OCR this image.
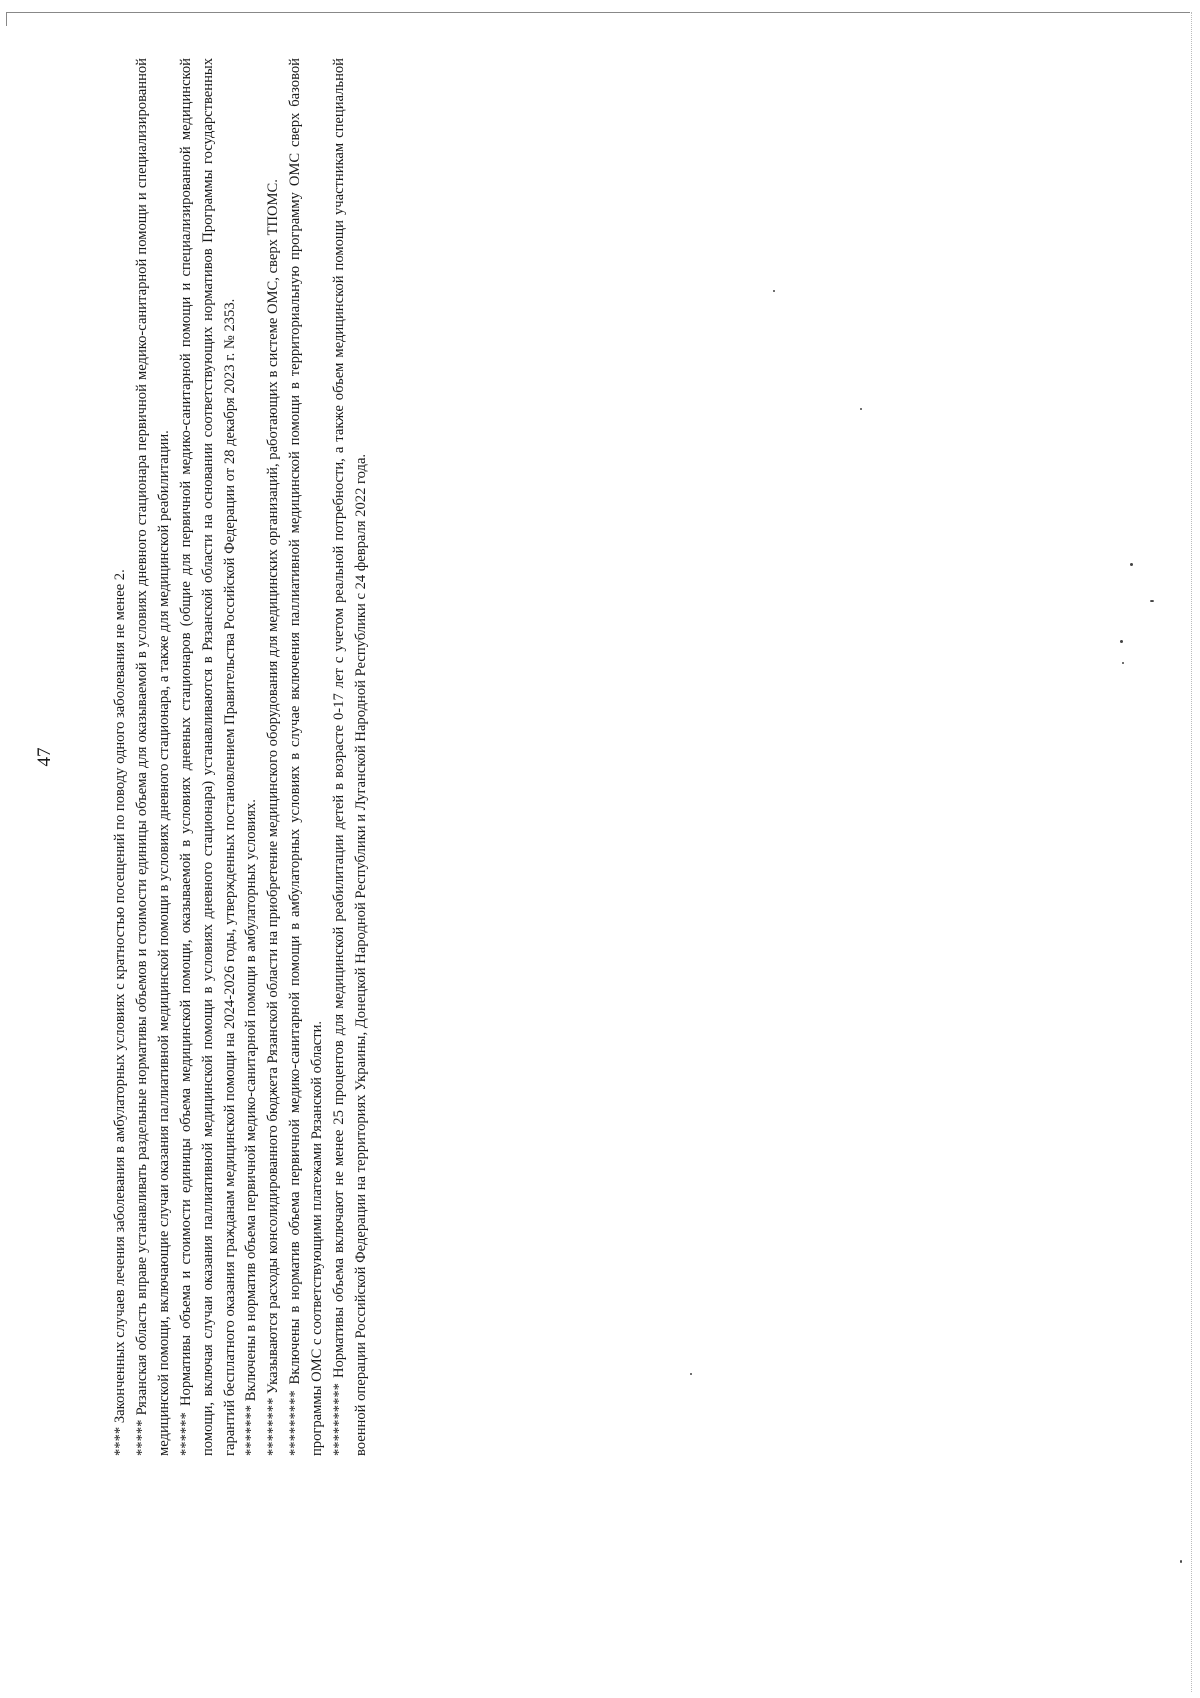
47	**** Законченных случаев лечения заболевания в амбулаторных условиях с кратностью посещений по поводу одного заболевания не менее 2. ***** Рязанская область вправе устанавливать раздельные нормативы объемов и стоимости единицы объема для оказываемой в условиях дневного стационара первичной медико-санитарной помощи и специализированной медицинской помощи, включающие случаи оказания паллиативной медицинской помощи в условиях дневного стационара, а также для медицинской реабилитации. ****** Нормативы объема и стоимости единицы объема медицинской помощи, оказываемой в условиях дневных стационаров (общие для первичной медико-санитарной помощи и специализированной медицинской помощи, включая случаи оказания паллиативной медицинской помощи в условиях дневного стационара) устанавливаются в Рязанской области на основании соответствующих нормативов Программы государственных гарантий бесплатного оказания гражданам медицинской помощи на 2024-2026 годы, утвержденных постановлением Правительства Российской Федерации от 28 декабря 2023 г. № 2353. ******* Включены в норматив объема первичной медико-санитарной помощи в амбулаторных условиях. ******** Указываются расходы консолидированного бюджета Рязанской области на приобретение медицинского оборудования для медицинских организаций, работающих в системе ОМС, сверх ТПОМС. ********* Включены в норматив объема первичной медико-санитарной помощи в амбулаторных условиях в случае включения паллиативной медицинской помощи в территориальную программу ОМС сверх базовой программы ОМС с соответствующими платежами Рязанской области. ********** Нормативы объема включают не менее 25 процентов для медицинской реабилитации детей в возрасте 0-17 лет с учетом реальной потребности, а также объем медицинской помощи участникам специальной военной операции Российской Федерации на территориях Украины, Донецкой Народной Республики и Луганской Народной Республики с 24 февраля 2022 года.
